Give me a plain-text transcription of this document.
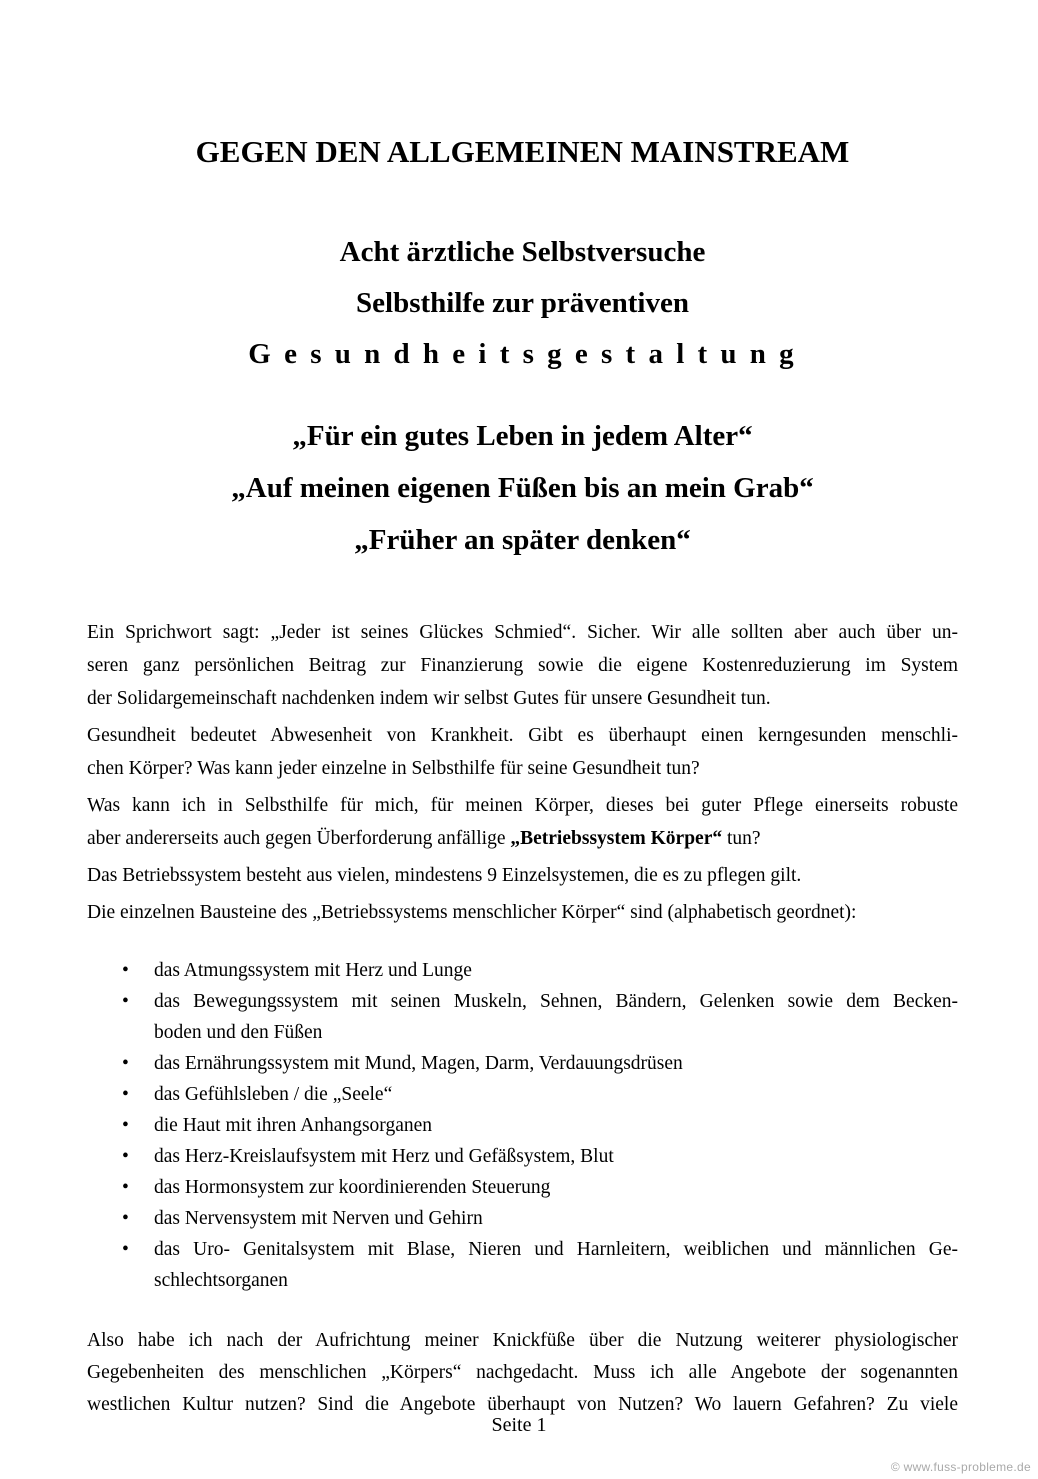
GEGEN DEN ALLGEMEINEN MAINSTREAM
Acht ärztliche Selbstversuche
Selbsthilfe zur präventiven
G e s u n d h e i t s g e s t a l t u n g
„Für ein gutes Leben in jedem Alter“
„Auf meinen eigenen Füßen bis an mein Grab“
„Früher an später denken“
Ein Sprichwort sagt: „Jeder ist seines Glückes Schmied“. Sicher. Wir alle sollten aber auch über un-
seren ganz persönlichen Beitrag zur Finanzierung sowie die eigene Kostenreduzierung im System
der Solidargemeinschaft nachdenken indem wir selbst Gutes für unsere Gesundheit tun.
Gesundheit bedeutet Abwesenheit von Krankheit. Gibt es überhaupt einen kerngesunden menschli-
chen Körper? Was kann jeder einzelne in Selbsthilfe für seine Gesundheit tun?
Was kann ich in Selbsthilfe für mich, für meinen Körper, dieses bei guter Pflege einerseits robuste
aber andererseits auch gegen Überforderung anfällige „Betriebssystem Körper“ tun?
Das Betriebssystem besteht aus vielen, mindestens 9 Einzelsystemen, die es zu pflegen gilt.
Die einzelnen Bausteine des „Betriebssystems menschlicher Körper“ sind (alphabetisch geordnet):
• das Atmungssystem mit Herz und Lunge
• das Bewegungssystem mit seinen Muskeln, Sehnen, Bändern, Gelenken sowie dem Becken-
boden und den Füßen
• das Ernährungssystem mit Mund, Magen, Darm, Verdauungsdrüsen
• das Gefühlsleben / die „Seele“
• die Haut mit ihren Anhangsorganen
• das Herz-Kreislaufsystem mit Herz und Gefäßsystem, Blut
• das Hormonsystem zur koordinierenden Steuerung
• das Nervensystem mit Nerven und Gehirn
• das Uro- Genitalsystem mit Blase, Nieren und Harnleitern, weiblichen und männlichen Ge-
schlechtsorganen
Also habe ich nach der Aufrichtung meiner Knickfüße über die Nutzung weiterer physiologischer
Gegebenheiten des menschlichen „Körpers“ nachgedacht. Muss ich alle Angebote der sogenannten
westlichen Kultur nutzen? Sind die Angebote überhaupt von Nutzen? Wo lauern Gefahren? Zu viele
Seite 1
© www.fuss-probleme.de
